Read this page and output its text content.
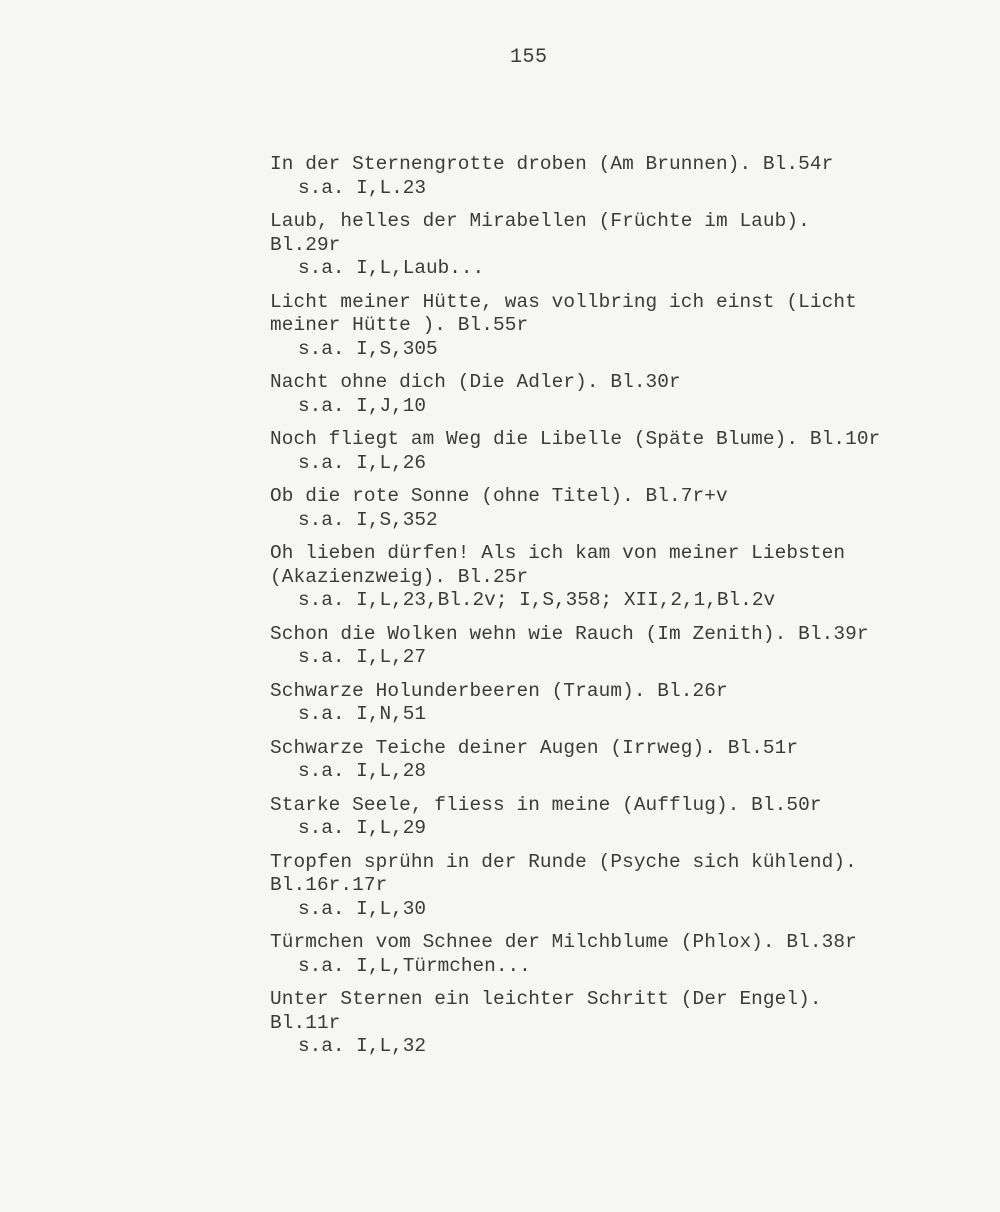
155
In der Sternengrotte droben (Am Brunnen). Bl.54r
s.a. I,L.23
Laub, helles der Mirabellen (Früchte im Laub).
Bl.29r
s.a. I,L,Laub...
Licht meiner Hütte, was vollbring ich einst (Licht
meiner Hütte ). Bl.55r
s.a. I,S,305
Nacht ohne dich (Die Adler). Bl.30r
s.a. I,J,10
Noch fliegt am Weg die Libelle (Späte Blume). Bl.10r
s.a. I,L,26
Ob die rote Sonne (ohne Titel). Bl.7r+v
s.a. I,S,352
Oh lieben dürfen! Als ich kam von meiner Liebsten
(Akazienzweig). Bl.25r
s.a. I,L,23,Bl.2v; I,S,358; XII,2,1,Bl.2v
Schon die Wolken wehn wie Rauch (Im Zenith). Bl.39r
s.a. I,L,27
Schwarze Holunderbeeren (Traum). Bl.26r
s.a. I,N,51
Schwarze Teiche deiner Augen (Irrweg). Bl.51r
s.a. I,L,28
Starke Seele, fliess in meine (Aufflug). Bl.50r
s.a. I,L,29
Tropfen sprühn in der Runde (Psyche sich kühlend).
Bl.16r.17r
s.a. I,L,30
Türmchen vom Schnee der Milchblume (Phlox). Bl.38r
s.a. I,L,Türmchen...
Unter Sternen ein leichter Schritt (Der Engel).
Bl.11r
s.a. I,L,32
